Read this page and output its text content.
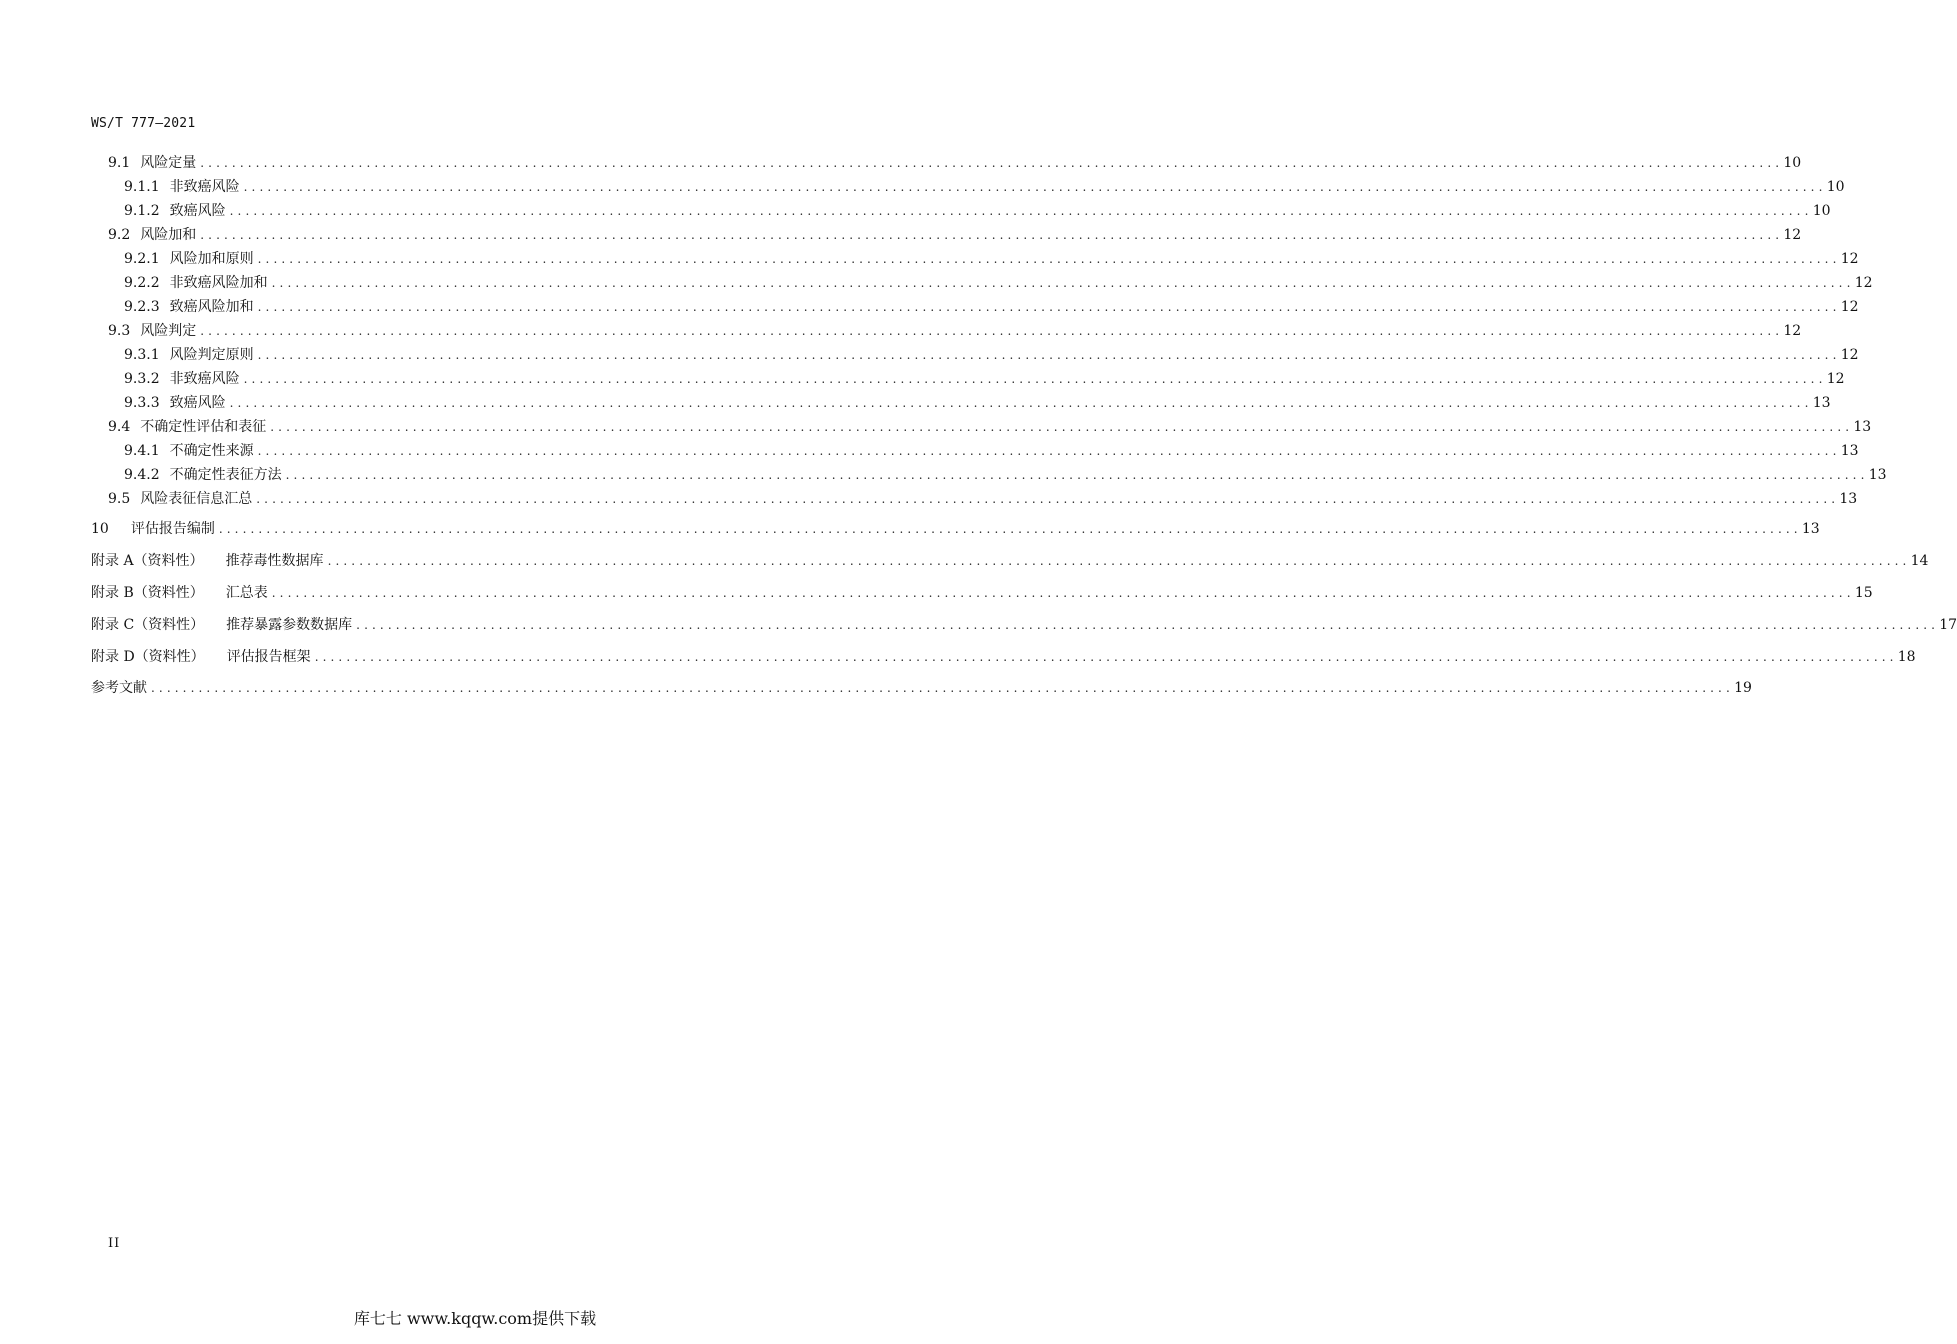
WS/T 777—2021
9.1 风险定量 ........................................................................................................................................................................................................ 10
9.1.1 非致癌风险 ........................................................................................................................................................................................................ 10
9.1.2 致癌风险 ........................................................................................................................................................................................................ 10
9.2 风险加和 ........................................................................................................................................................................................................ 12
9.2.1 风险加和原则 ........................................................................................................................................................................................................ 12
9.2.2 非致癌风险加和 ........................................................................................................................................................................................................ 12
9.2.3 致癌风险加和 ........................................................................................................................................................................................................ 12
9.3 风险判定 ........................................................................................................................................................................................................ 12
9.3.1 风险判定原则 ........................................................................................................................................................................................................ 12
9.3.2 非致癌风险 ........................................................................................................................................................................................................ 12
9.3.3 致癌风险 ........................................................................................................................................................................................................ 13
9.4 不确定性评估和表征 ........................................................................................................................................................................................................ 13
9.4.1 不确定性来源 ........................................................................................................................................................................................................ 13
9.4.2 不确定性表征方法 ........................................................................................................................................................................................................ 13
9.5 风险表征信息汇总 ........................................................................................................................................................................................................ 13
10 评估报告编制 ........................................................................................................................................................................................................ 13
附录 A（资料性） 推荐毒性数据库 ........................................................................................................................................................................................................ 14
附录 B（资料性） 汇总表 ........................................................................................................................................................................................................ 15
附录 C（资料性） 推荐暴露参数数据库 ........................................................................................................................................................................................................ 17
附录 D（资料性） 评估报告框架 ........................................................................................................................................................................................................ 18
参考文献 ........................................................................................................................................................................................................ 19
II
库七七 www.kqqw.com提供下载
